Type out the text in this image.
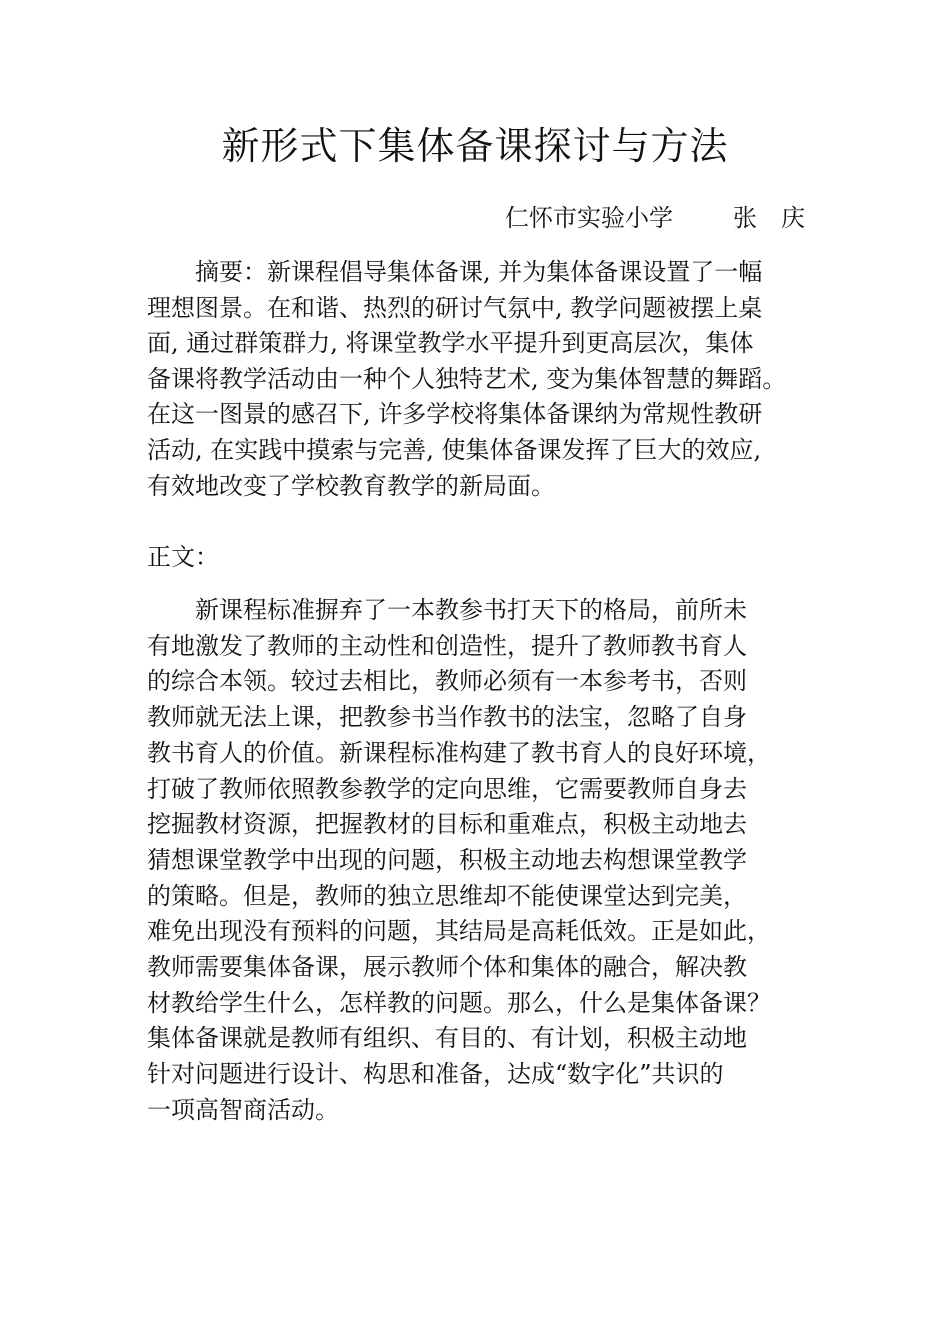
新形式下集体备课探讨与方法
仁怀市实验小学	张　庆
摘要：新课程倡导集体备课, 并为集体备课设置了一幅
理想图景。在和谐、热烈的研讨气氛中, 教学问题被摆上桌
面, 通过群策群力, 将课堂教学水平提升到更高层次，集体
备课将教学活动由一种个人独特艺术, 变为集体智慧的舞蹈。
在这一图景的感召下, 许多学校将集体备课纳为常规性教研
活动, 在实践中摸索与完善, 使集体备课发挥了巨大的效应,
有效地改变了学校教育教学的新局面。
正文：
新课程标准摒弃了一本教参书打天下的格局，前所未
有地激发了教师的主动性和创造性，提升了教师教书育人
的综合本领。较过去相比，教师必须有一本参考书，否则
教师就无法上课，把教参书当作教书的法宝，忽略了自身
教书育人的价值。新课程标准构建了教书育人的良好环境，
打破了教师依照教参教学的定向思维，它需要教师自身去
挖掘教材资源，把握教材的目标和重难点，积极主动地去
猜想课堂教学中出现的问题，积极主动地去构想课堂教学
的策略。但是，教师的独立思维却不能使课堂达到完美，
难免出现没有预料的问题，其结局是高耗低效。正是如此，
教师需要集体备课，展示教师个体和集体的融合，解决教
材教给学生什么，怎样教的问题。那么，什么是集体备课？
集体备课就是教师有组织、有目的、有计划，积极主动地
针对问题进行设计、构思和准备，达成“数字化”共识的
一项高智商活动。
